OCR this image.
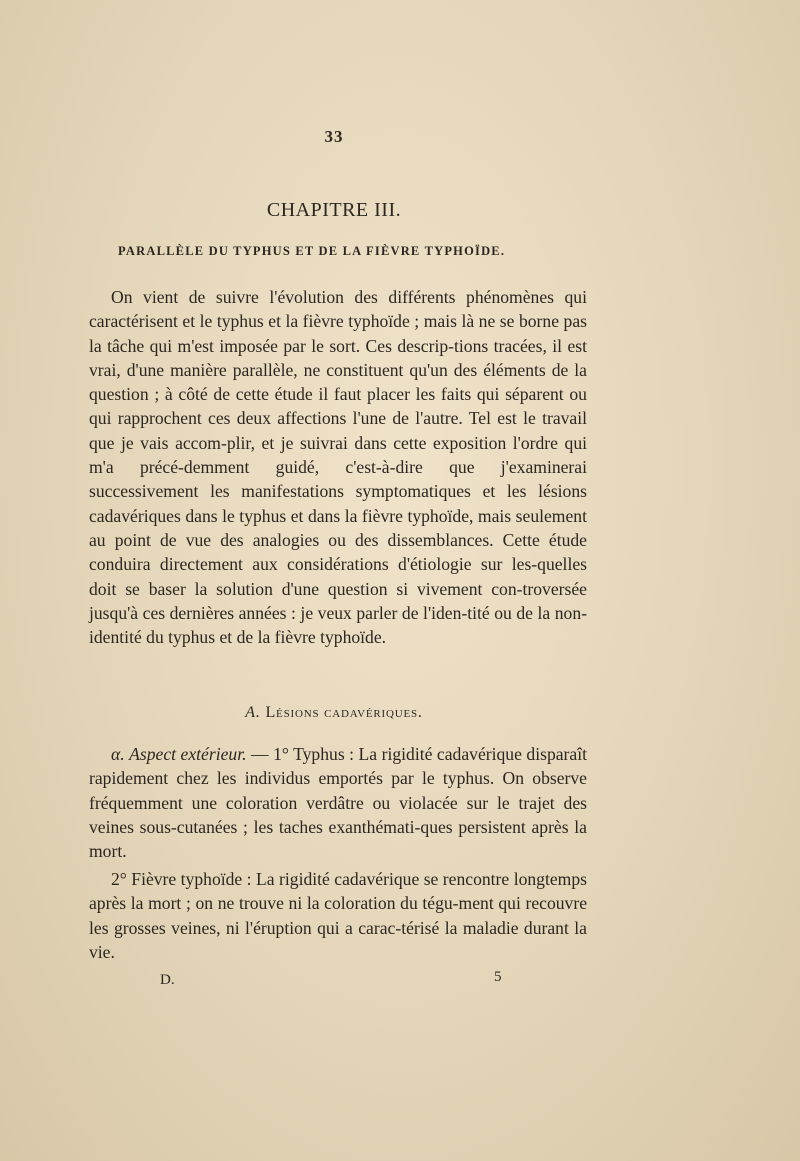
33
CHAPITRE III.
PARALLÈLE DU TYPHUS ET DE LA FIÈVRE TYPHOÏDE.

On vient de suivre l'évolution des différents phénomènes qui caractérisent et le typhus et la fièvre typhoïde ; mais là ne se borne pas la tâche qui m'est imposée par le sort. Ces descrip-tions tracées, il est vrai, d'une manière parallèle, ne constituent qu'un des éléments de la question ; à côté de cette étude il faut placer les faits qui séparent ou qui rapprochent ces deux affections l'une de l'autre. Tel est le travail que je vais accom-plir, et je suivrai dans cette exposition l'ordre qui m'a précé-demment guidé, c'est-à-dire que j'examinerai successivement les manifestations symptomatiques et les lésions cadavériques dans le typhus et dans la fièvre typhoïde, mais seulement au point de vue des analogies ou des dissemblances. Cette étude conduira directement aux considérations d'étiologie sur les-quelles doit se baser la solution d'une question si vivement con-troversée jusqu'à ces dernières années : je veux parler de l'iden-tité ou de la non-identité du typhus et de la fièvre typhoïde.

A. Lésions cadavériques.

α. Aspect extérieur. — 1° Typhus : La rigidité cadavérique disparaît rapidement chez les individus emportés par le typhus. On observe fréquemment une coloration verdâtre ou violacée sur le trajet des veines sous-cutanées ; les taches exanthémati-ques persistent après la mort.

2° Fièvre typhoïde : La rigidité cadavérique se rencontre longtemps après la mort ; on ne trouve ni la coloration du tégu-ment qui recouvre les grosses veines, ni l'éruption qui a carac-térisé la maladie durant la vie.

D.	5
